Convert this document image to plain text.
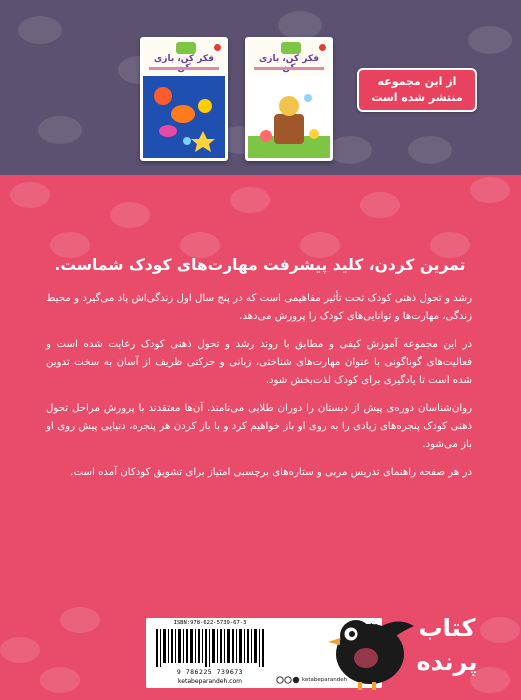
فکر کن، بازی	فکر کن، بازی
از این مجموعه
منتشر شده است
تمرین کردن، کلید پیشرفت مهارت‌های کودک شماست.

رشد و تحول ذهنی کودک تحت تأثیر مفاهیمی است که در پنج سال اول زندگی‌اش یاد می‌گیرد و محیط زندگی، مهارت‌ها و توانایی‌های کودک را پرورش می‌دهد.

در این مجموعه آموزش کیفی و مطابق با روند رشد و تحول ذهنی کودک رعایت شده است و فعالیت‌های گوناگونی با عنوان مهارت‌های شناختی، زبانی و حرکتی ظریف از آسان به سخت تدوین شده است تا یادگیری برای کودک لذت‌بخش شود.

روان‌شناسان دوره‌ی پیش از دبستان را دوران طلایی می‌نامند. آن‌ها معتقدند با پرورش مراحل تحول ذهنی کودک پنجره‌های زیادی را به روی او باز خواهیم کرد و با باز کردن هر پنجره، دنیایی پیش روی او باز می‌شود.

در هر صفحه راهنمای تدریس مربی و ستاره‌های برچسبی امتیاز برای تشویق کودکان آمده است.

ISBN:978-622-5739-67-3
9 786225 739673
ketabeparandeh.com	ketabeparandeh
کتاب
پرنده
